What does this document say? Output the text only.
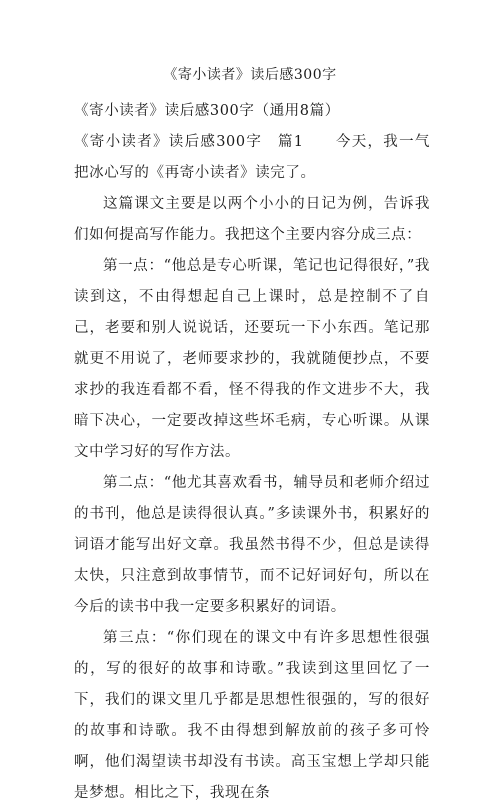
《寄小读者》读后感300字

《寄小读者》读后感300字（通用8篇）

《寄小读者》读后感300字　篇1　　今天，我一气把冰心写的《再寄小读者》读完了。

这篇课文主要是以两个小小的日记为例，告诉我们如何提高写作能力。我把这个主要内容分成三点：

第一点：“他总是专心听课，笔记也记得很好，”我读到这，不由得想起自己上课时，总是控制不了自己，老要和别人说说话，还要玩一下小东西。笔记那就更不用说了，老师要求抄的，我就随便抄点，不要求抄的我连看都不看，怪不得我的作文进步不大，我暗下决心，一定要改掉这些坏毛病，专心听课。从课文中学习好的写作方法。

第二点：“他尤其喜欢看书，辅导员和老师介绍过的书刊，他总是读得很认真。”多读课外书，积累好的词语才能写出好文章。我虽然书得不少，但总是读得太快，只注意到故事情节，而不记好词好句，所以在今后的读书中我一定要多积累好的词语。

第三点：“你们现在的课文中有许多思想性很强的，写的很好的故事和诗歌。”我读到这里回忆了一下，我们的课文里几乎都是思想性很强的，写的很好的故事和诗歌。我不由得想到解放前的孩子多可怜啊，他们渴望读书却没有书读。高玉宝想上学却只能是梦想。相比之下，我现在条
